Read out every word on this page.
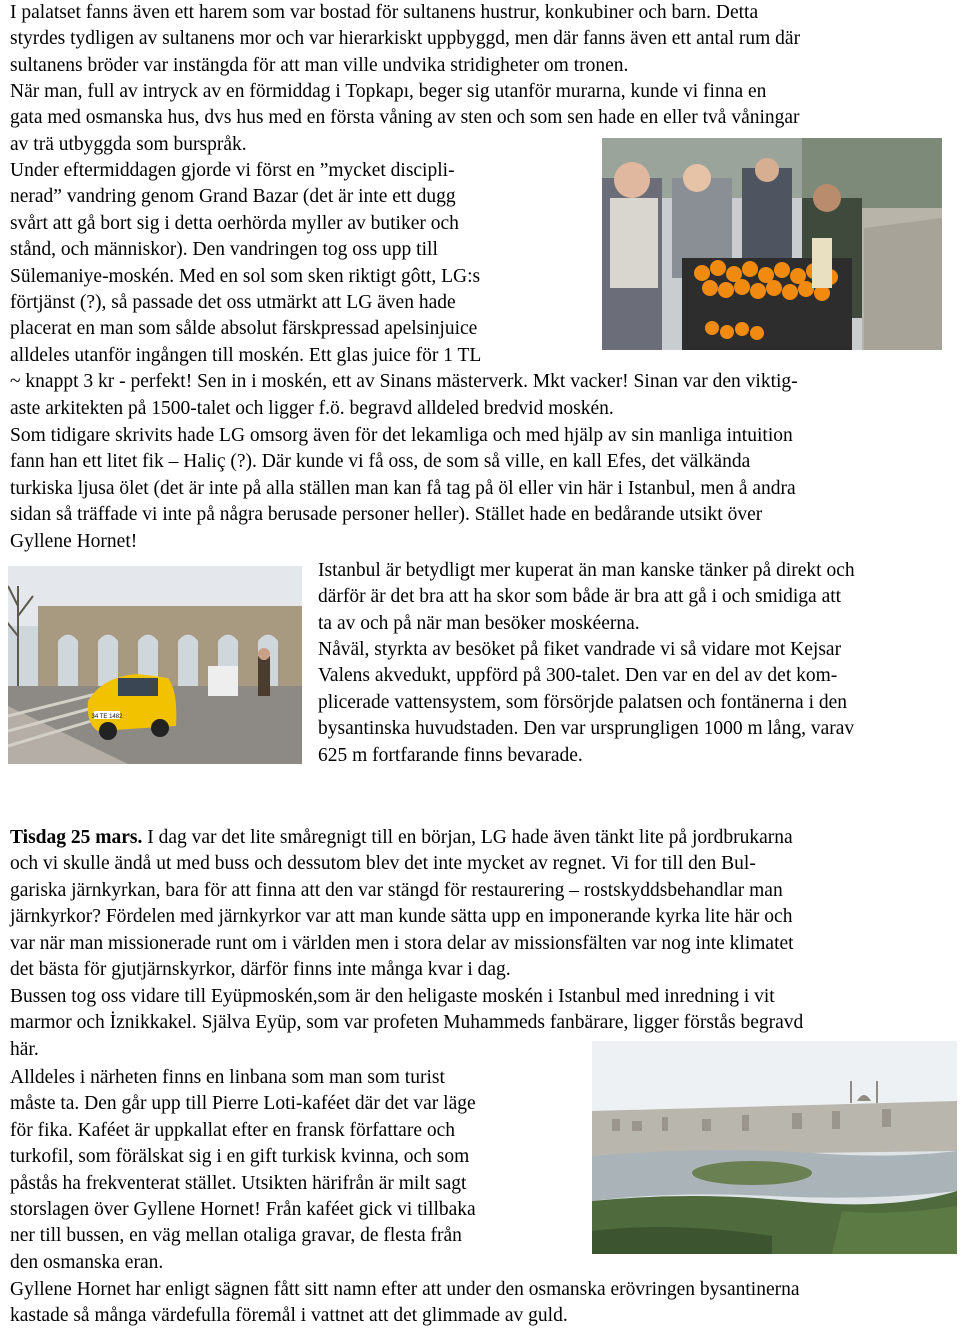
I palatset fanns även ett harem som var bostad för sultanens hustrur, konkubiner och barn. Detta
styrdes tydligen av sultanens mor och var hierarkiskt uppbyggd, men där fanns även ett antal rum där
sultanens bröder var instängda för att man ville undvika stridigheter om tronen.
När man, full av intryck av en förmiddag i Topkapı, beger sig utanför murarna, kunde vi finna en
gata med osmanska hus, dvs hus med en första våning av sten och som sen hade en eller två våningar
av trä utbyggda som burspråk.
Under eftermiddagen gjorde vi först en ”mycket discipli-
nerad” vandring genom Grand Bazar (det är inte ett dugg
svårt att gå bort sig i detta oerhörda myller av butiker och
stånd, och människor). Den vandringen tog oss upp till
Sülemaniye-moskén. Med en sol som sken riktigt gôtt, LG:s
förtjänst (?), så passade det oss utmärkt att LG även hade
placerat en man som sålde absolut färskpressad apelsinjuice
alldeles utanför ingången till moskén. Ett glas juice för 1 TL
~ knappt 3 kr - perfekt! Sen in i moskén, ett av Sinans mästerverk. Mkt vacker! Sinan var den viktig-
aste arkitekten på 1500-talet och ligger f.ö. begravd alldeled bredvid moskén.
Som tidigare skrivits hade LG omsorg även för det lekamliga och med hjälp av sin manliga intuition
fann han ett litet fik – Haliç (?). Där kunde vi få oss, de som så ville, en kall Efes, det välkända
turkiska ljusa ölet (det är inte på alla ställen man kan få tag på öl eller vin här i Istanbul, men å andra
sidan så träffade vi inte på några berusade personer heller). Stället hade en bedårande utsikt över
Gyllene Hornet!
34 TE 1482
Istanbul är betydligt mer kuperat än man kanske tänker på direkt och
därför är det bra att ha skor som både är bra att gå i och smidiga att
ta av och på när man besöker moskéerna.
Nåväl, styrkta av besöket på fiket vandrade vi så vidare mot Kejsar
Valens akvedukt, uppförd på 300-talet. Den var en del av det kom-
plicerade vattensystem, som försörjde palatsen och fontänerna i den
bysantinska huvudstaden. Den var ursprungligen 1000 m lång, varav
625 m fortfarande finns bevarade.
Tisdag 25 mars. I dag var det lite småregnigt till en början, LG hade även tänkt lite på jordbrukarna
och vi skulle ändå ut med buss och dessutom blev det inte mycket av regnet. Vi for till den Bul-
gariska järnkyrkan, bara för att finna att den var stängd för restaurering – rostskyddsbehandlar man
järnkyrkor? Fördelen med järnkyrkor var att man kunde sätta upp en imponerande kyrka lite här och
var när man missionerade runt om i världen men i stora delar av missionsfälten var nog inte klimatet
det bästa för gjutjärnskyrkor, därför finns inte många kvar i dag.
Bussen tog oss vidare till Eyüpmoskén,som är den heligaste moskén i Istanbul med inredning i vit
marmor och İznikkakel. Själva Eyüp, som var profeten Muhammeds fanbärare, ligger förstås begravd
här.
Alldeles i närheten finns en linbana som man som turist
måste ta. Den går upp till Pierre Loti-kaféet där det var läge
för fika. Kaféet är uppkallat efter en fransk författare och
turkofil, som förälskat sig i en gift turkisk kvinna, och som
påstås ha frekventerat stället. Utsikten härifrån är milt sagt
storslagen över Gyllene Hornet! Från kaféet gick vi tillbaka
ner till bussen, en väg mellan otaliga gravar, de flesta från
den osmanska eran.
Gyllene Hornet har enligt sägnen fått sitt namn efter att under den osmanska erövringen bysantinerna
kastade så många värdefulla föremål i vattnet att det glimmade av guld.
